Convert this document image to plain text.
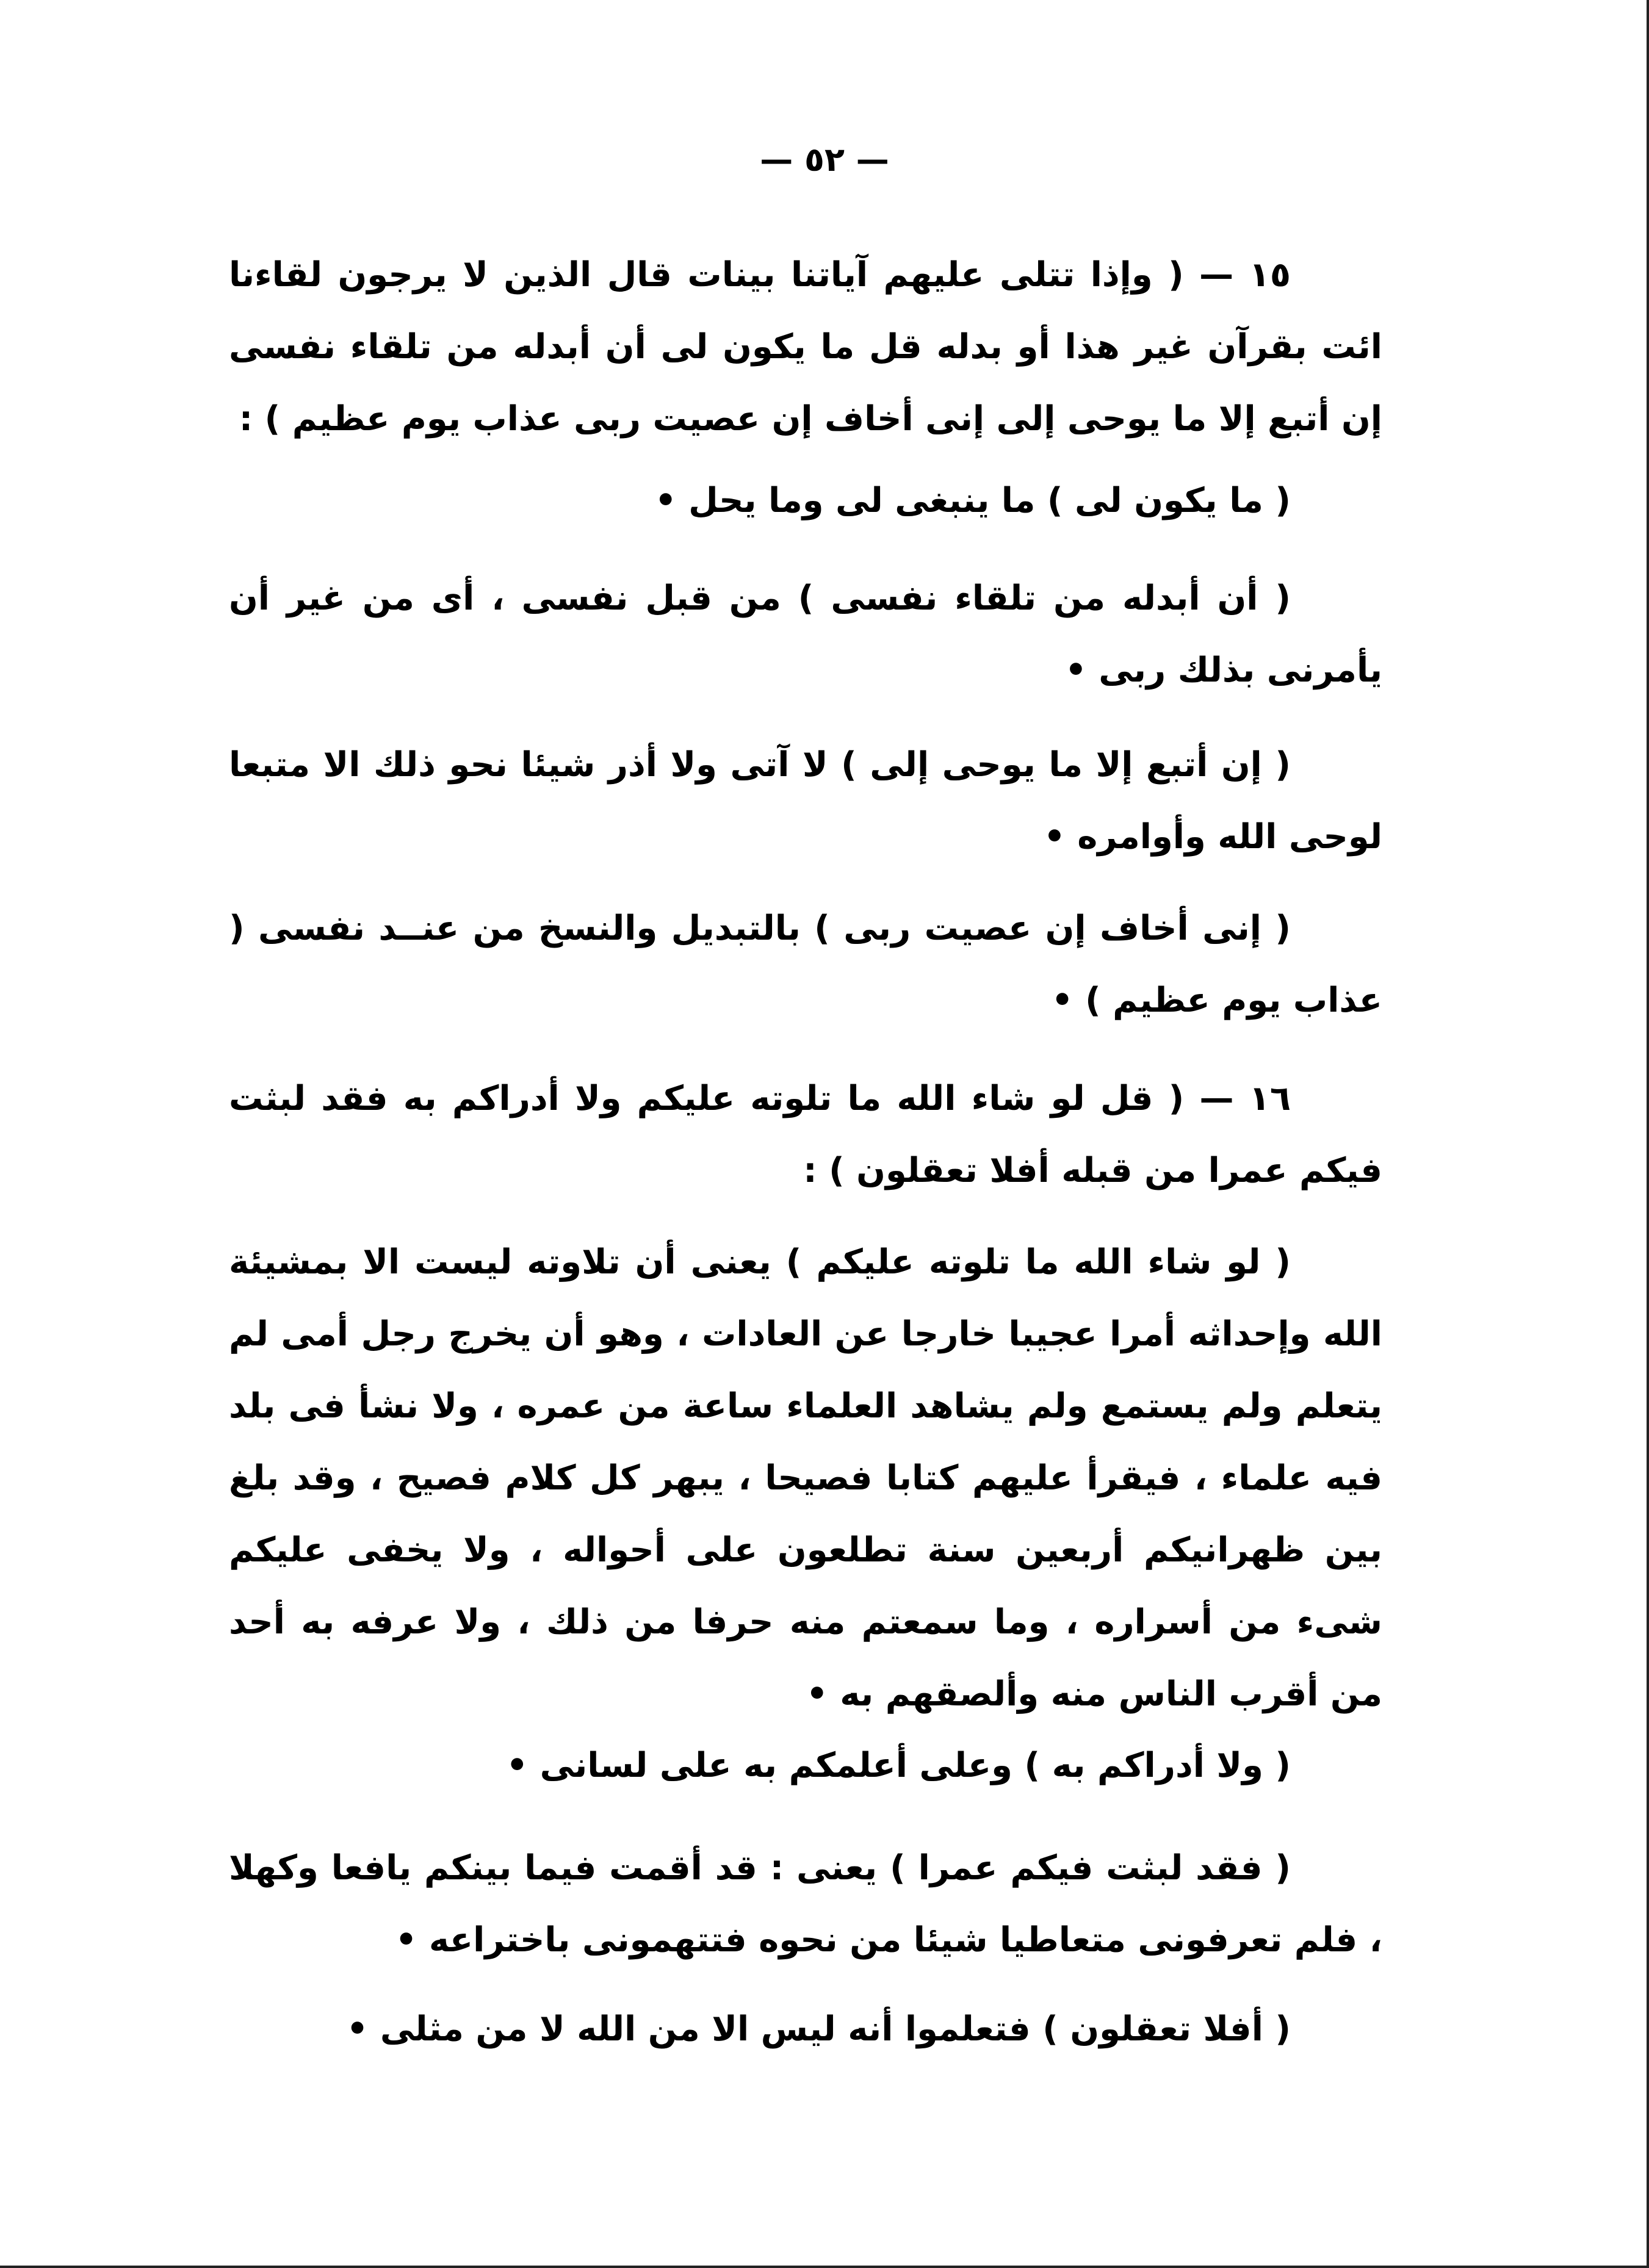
— ٥٢ —
١٥ — ( وإذا تتلى عليهم آياتنا بينات قال الذين لا يرجون لقاءنا ائت بقرآن غير هذا أو بدله قل ما يكون لى أن أبدله من تلقاء نفسى إن أتبع إلا ما يوحى إلى إنى أخاف إن عصيت ربى عذاب يوم عظيم ) :
( ما يكون لى ) ما ينبغى لى وما يحل •
( أن أبدله من تلقاء نفسى ) من قبل نفسى ، أى من غير أن يأمرنى بذلك ربى •
( إن أتبع إلا ما يوحى إلى ) لا آتى ولا أذر شيئا نحو ذلك الا متبعا لوحى الله وأوامره •
( إنى أخاف إن عصيت ربى ) بالتبديل والنسخ من عنــد نفسى ( عذاب يوم عظيم ) •
١٦ — ( قل لو شاء الله ما تلوته عليكم ولا أدراكم به فقد لبثت فيكم عمرا من قبله أفلا تعقلون ) :
( لو شاء الله ما تلوته عليكم ) يعنى أن تلاوته ليست الا بمشيئة الله وإحداثه أمرا عجيبا خارجا عن العادات ، وهو أن يخرج رجل أمى لم يتعلم ولم يستمع ولم يشاهد العلماء ساعة من عمره ، ولا نشأ فى بلد فيه علماء ، فيقرأ عليهم كتابا فصيحا ، يبهر كل كلام فصيح ، وقد بلغ بين ظهرانيكم أربعين سنة تطلعون على أحواله ، ولا يخفى عليكم شىء من أسراره ، وما سمعتم منه حرفا من ذلك ، ولا عرفه به أحد من أقرب الناس منه وألصقهم به •
( ولا أدراكم به ) وعلى أعلمكم به على لسانى •
( فقد لبثت فيكم عمرا ) يعنى : قد أقمت فيما بينكم يافعا وكهلا ، فلم تعرفونى متعاطيا شيئا من نحوه فتتهمونى باختراعه •
( أفلا تعقلون ) فتعلموا أنه ليس الا من الله لا من مثلى •
